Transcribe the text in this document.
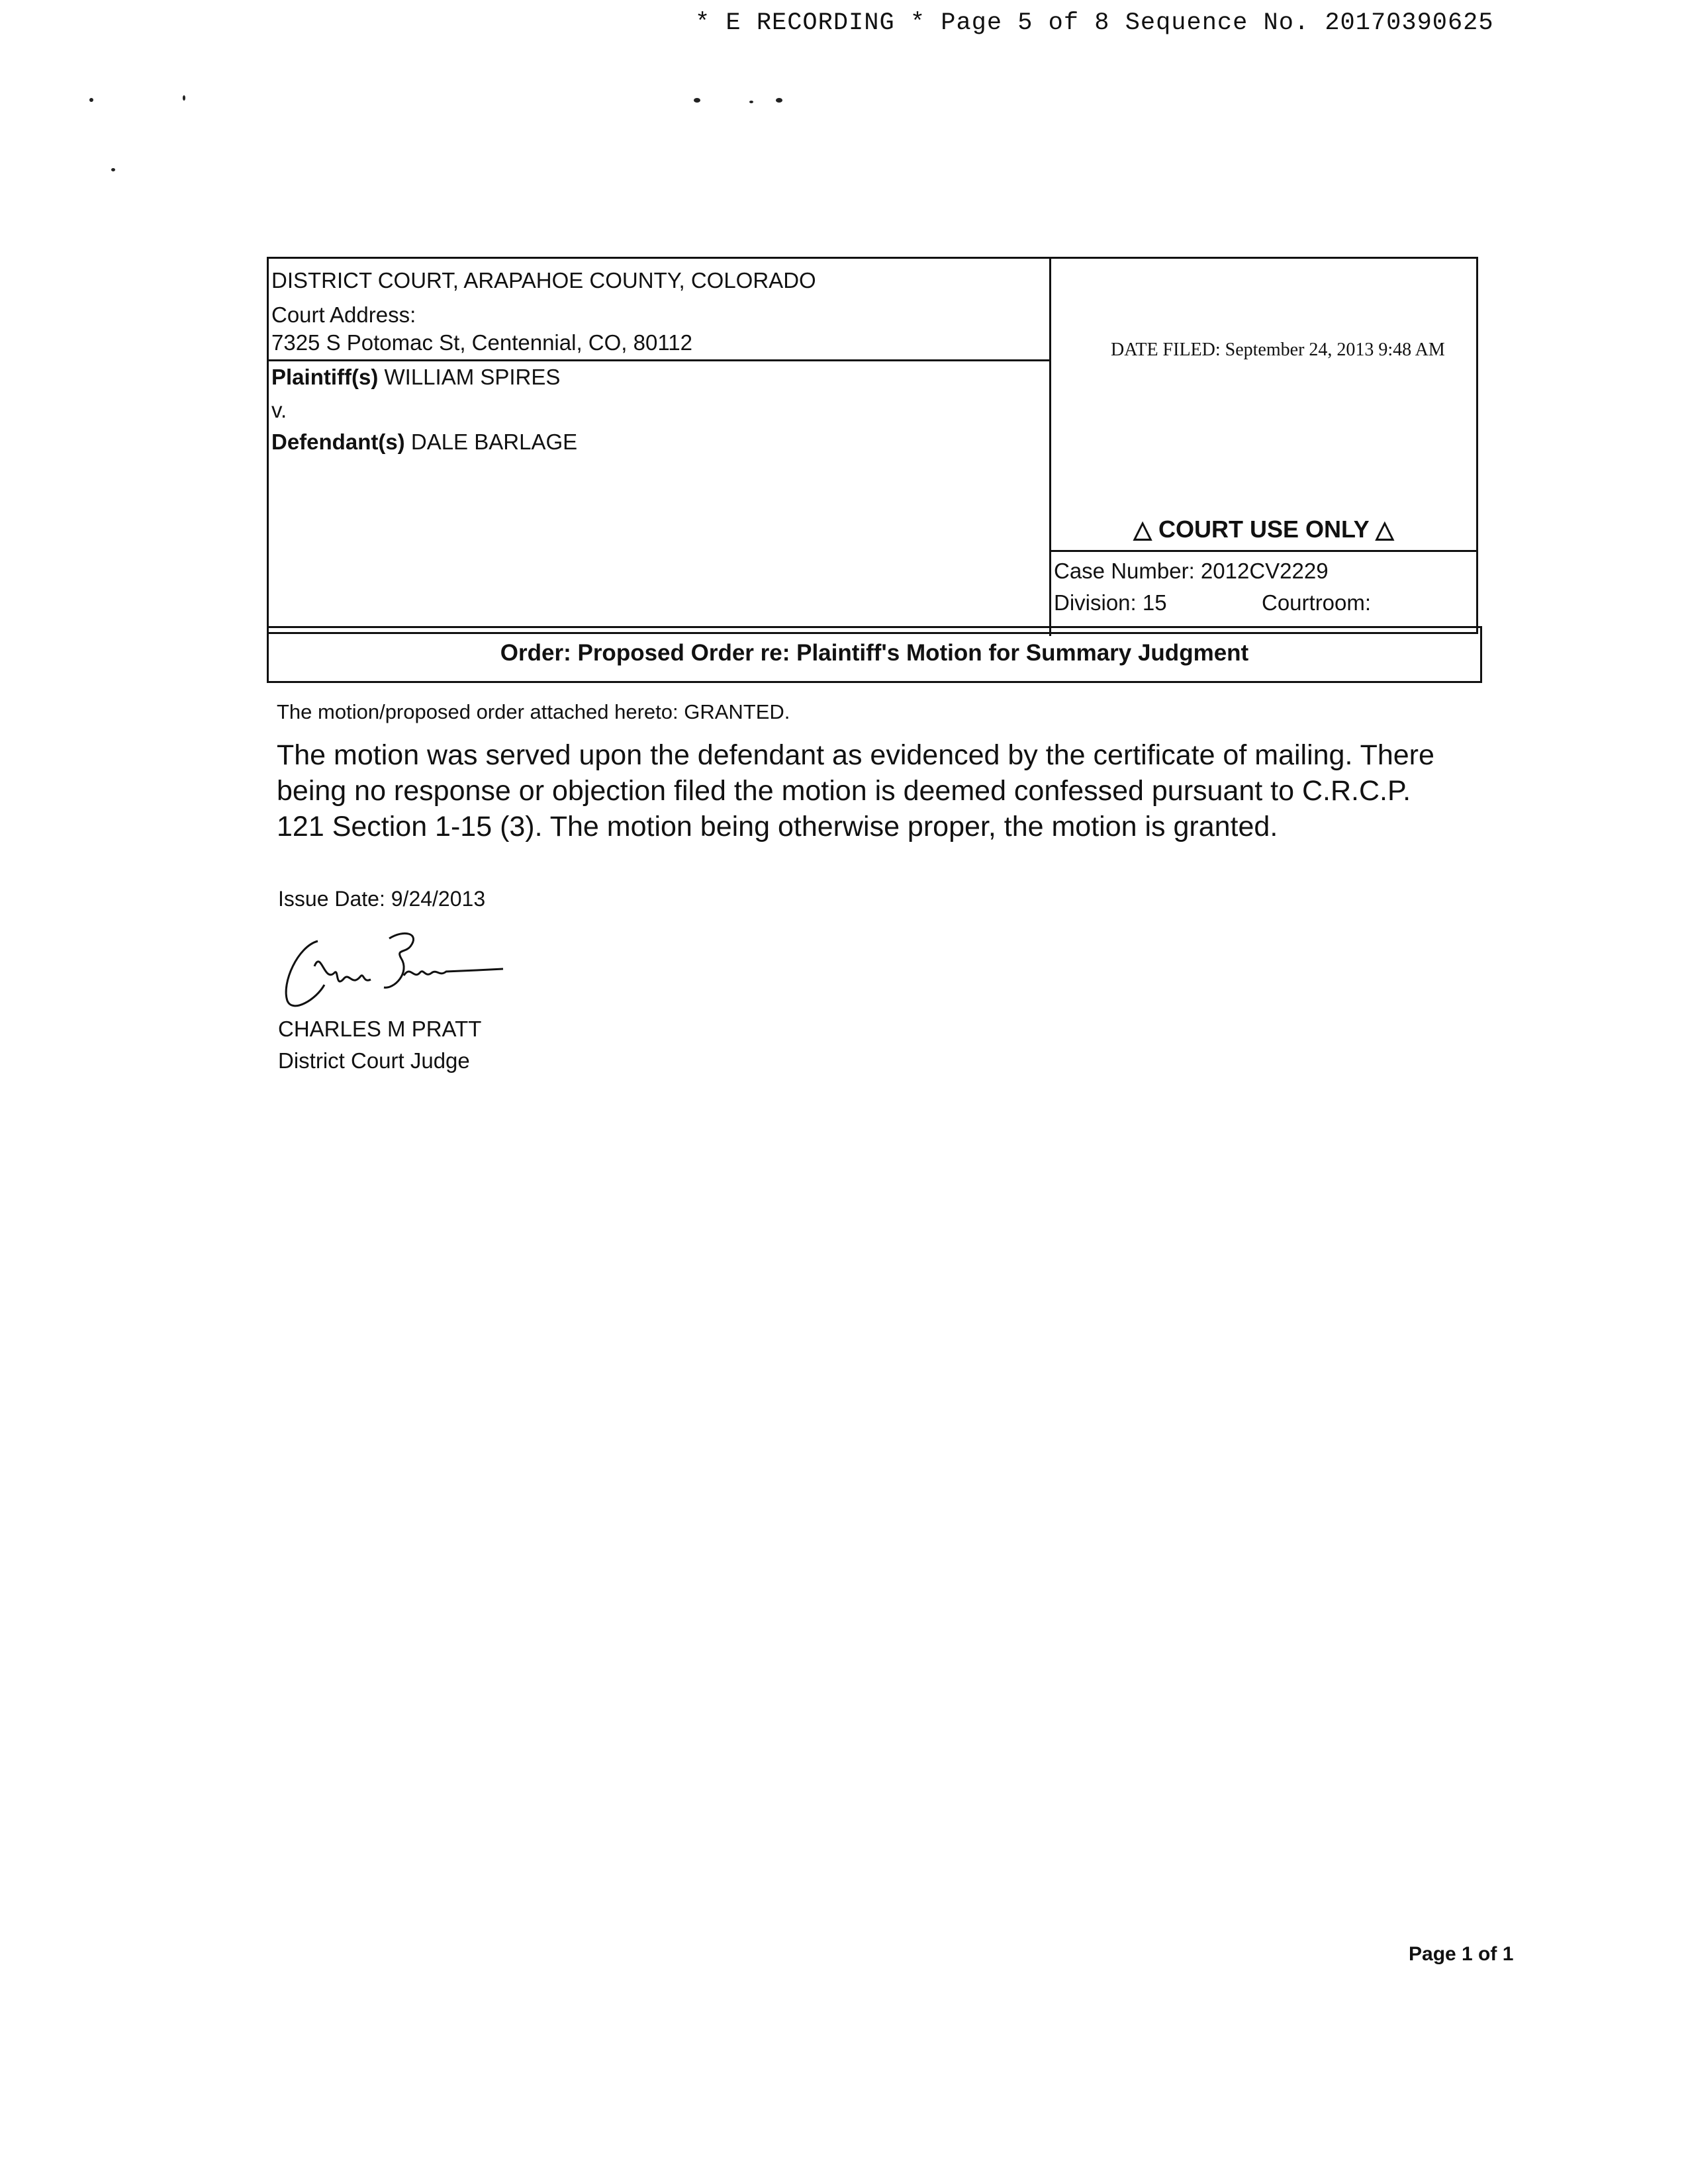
* E RECORDING * Page 5 of 8 Sequence No. 20170390625
DISTRICT COURT, ARAPAHOE COUNTY, COLORADO
Court Address:
7325 S Potomac St, Centennial, CO, 80112
Plaintiff(s) WILLIAM SPIRES
v.
Defendant(s) DALE BARLAGE
DATE FILED: September 24, 2013 9:48 AM
△ COURT USE ONLY △
Case Number: 2012CV2229
Division: 15	Courtroom:
Order: Proposed Order re: Plaintiff's Motion for Summary Judgment
The motion/proposed order attached hereto: GRANTED.
The motion was served upon the defendant as evidenced by the certificate of mailing. There
being no response or objection filed the motion is deemed confessed pursuant to C.R.C.P.
121 Section 1-15 (3). The motion being otherwise proper, the motion is granted.
Issue Date: 9/24/2013
CHARLES M PRATT
District Court Judge
Page 1 of 1
